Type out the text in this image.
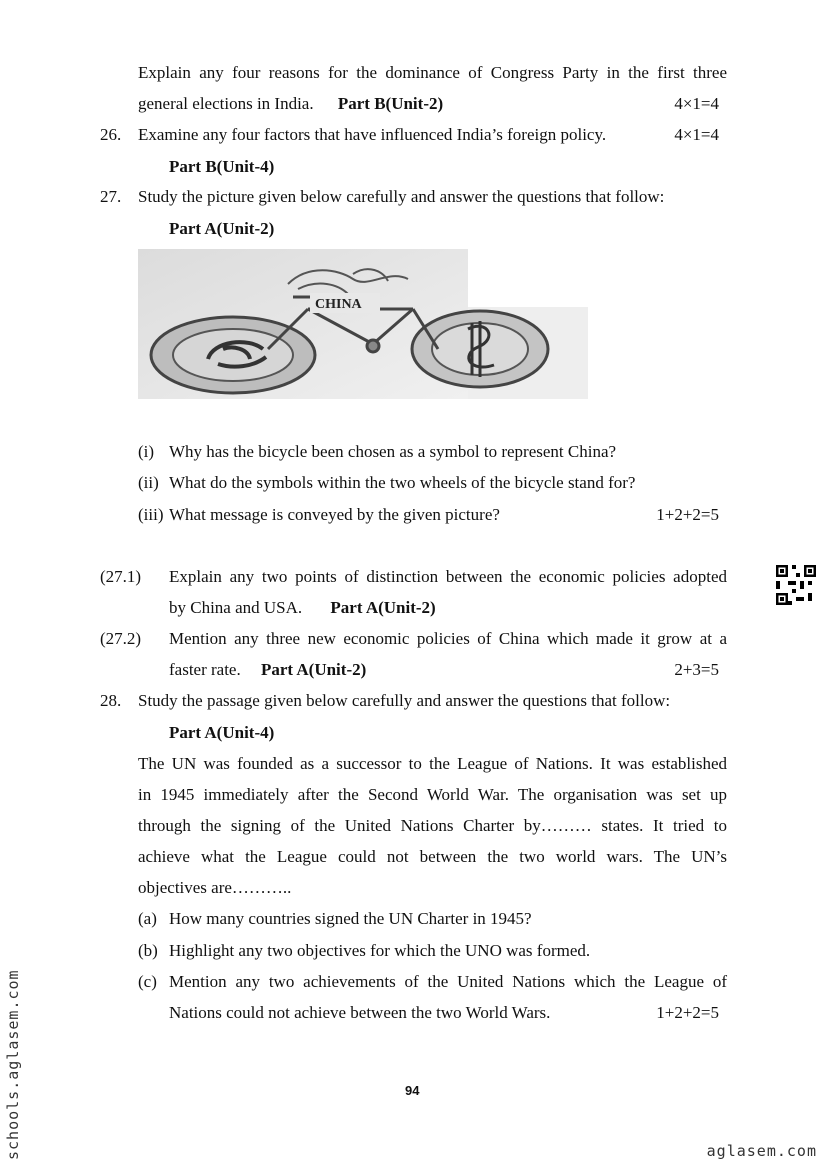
Explain any four reasons for the dominance of Congress Party in the first three
general elections in India. Part B(Unit-2)	4×1=4
26. Examine any four factors that have influenced India’s foreign policy.	4×1=4
Part B(Unit-4)
27. Study the picture given below carefully and answer the questions that follow:
Part A(Unit-2)
CHINA
(i) Why has the bicycle been chosen as a symbol to represent China?
(ii) What do the symbols within the two wheels of the bicycle stand for?
(iii) What message is conveyed by the given picture?	1+2+2=5
(27.1) Explain any two points of distinction between the economic policies adopted
by China and USA. Part A(Unit-2)
(27.2) Mention any three new economic policies of China which made it grow at a
faster rate. Part A(Unit-2)	2+3=5
28. Study the passage given below carefully and answer the questions that follow:
Part A(Unit-4)
The UN was founded as a successor to the League of Nations. It was established
in 1945 immediately after the Second World War. The organisation was set up
through the signing of the United Nations Charter by……… states. It tried to
achieve what the League could not between the two world wars. The UN’s
objectives are………..
(a) How many countries signed the UN Charter in 1945?
(b) Highlight any two objectives for which the UNO was formed.
(c) Mention any two achievements of the United Nations which the League of
Nations could not achieve between the two World Wars.	1+2+2=5
94
schools.aglasem.com	aglasem.com
